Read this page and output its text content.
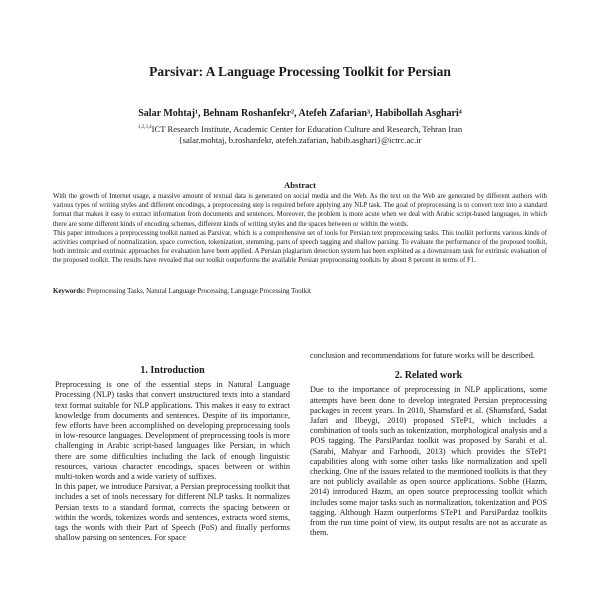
Parsivar: A Language Processing Toolkit for Persian
Salar Mohtaj¹, Behnam Roshanfekr², Atefeh Zafarian³, Habibollah Asghari⁴
$^{1,2,3,4}$ICT Research Institute, Academic Center for Education Culture and Research, Tehran Iran
{salar.mohtaj, b.roshanfekr, atefeh.zafarian, habib.asghari}@ictrc.ac.ir
Abstract

With the growth of Internet usage, a massive amount of textual data is generated on social media and the Web. As the text on the Web are generated by different authors with various types of writing styles and different encodings, a preprocessing step is required before applying any NLP task. The goal of preprocessing is to convert text into a standard format that makes it easy to extract information from documents and sentences. Moreover, the problem is more acute when we deal with Arabic script-based languages, in which there are some different kinds of encoding schemes, different kinds of writing styles and the spaces between or within the words.

This paper introduces a preprocessing toolkit named as Parsivar, which is a comprehensive set of tools for Persian text preprocessing tasks. This toolkit performs various kinds of activities comprised of normalization, space correction, tokenization, stemming, parts of speech tagging and shallow parsing. To evaluate the performance of the proposed toolkit, both intrinsic and extrinsic approaches for evaluation have been applied. A Persian plagiarism detection system has been exploited as a downstream task for extrinsic evaluation of the proposed toolkit. The results have revealed that our toolkit outperforms the available Persian preprocessing toolkits by about 8 percent in terms of F1.

Keywords: Preprocessing Tasks, Natural Language Processing, Language Processing Toolkit
1. Introduction

Preprocessing is one of the essential steps in Natural Language Processing (NLP) tasks that convert unstructured texts into a standard text format suitable for NLP applications. This makes it easy to extract knowledge from documents and sentences. Despite of its importance, few efforts have been accomplished on developing preprocessing tools in low-resource languages. Development of preprocessing tools is more challenging in Arabic script-based languages like Persian, in which there are some difficulties including the lack of enough linguistic resources, various character encodings, spaces between or within multi-token words and a wide variety of suffixes.

In this paper, we introduce Parsivar, a Persian preprocessing toolkit that includes a set of tools necessary for different NLP tasks. It normalizes Persian texts to a standard format, corrects the spacing between or within the words, tokenizes words and sentences, extracts word stems, tags the words with their Part of Speech (PoS) and finally performs shallow parsing on sentences. For space

conclusion and recommendations for future works will be described.

2. Related work

Due to the importance of preprocessing in NLP applications, some attempts have been done to develop integrated Persian preprocessing packages in recent years. In 2010, Shamsfard et al. (Shamsfard, Sadat Jafari and Ilbeygi, 2010) proposed STeP1, which includes a combination of tools such as tokenization, morphological analysis and a POS tagging. The ParsiPardaz toolkit was proposed by Sarabi et al. (Sarabi, Mahyar and Farhoodi, 2013) which provides the STeP1 capabilities along with some other tasks like normalization and spell checking. One of the issues related to the mentioned toolkits is that they are not publicly available as open source applications. Sobhe (Hazm, 2014) introduced Hazm, an open source preprocessing toolkit which includes some major tasks such as normalization, tokenization and POS tagging. Although Hazm outperforms STeP1 and ParsiPardaz toolkits from the run time point of view, its output results are not as accurate as them.
